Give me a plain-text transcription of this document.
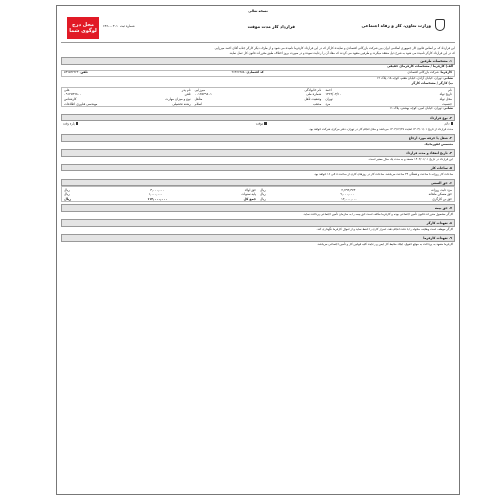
نسخه تعالی
وزارت تعاون، کار و رفاه اجتماعی
قرارداد کار مدت موقت
شماره ثبت۰۰۳۰۱-۶۴۶
محل درج
لوگوی شما
این قرارداد که بر اساس قانون کار جمهوری اسلامی ایران بین شرکت بازرگانی اقتصادی و نماینده کارگر که در این قرارداد کارفرما نامیده می شود و از طرف دیگر کارگر جناب آقای احمد میرزایی
که در این قرارداد کارگر نامیده می شود به شرح ذیل منعقد میگردد و طرفین متعهد می گردند که مفاد آن را رعایت نموده و در صورت بروز اختلاف طبق مقررات قانون کار عمل نمایند
۱. مشخصات طرفین
الف) کارفرما / مشخصات کارفرمای حقیقی
کارفرما: شرکت بازرگانی اقتصادی
کد اقتصادی: ۲۶۴۶۶۳۸۸
تلفن: ۵۴۹۵۴۲۲۲۴
نشانی: تهران، خیابان آزادی، خیابان هفتم، کوچه ۱۸، پلاک ۱۲
ب) کارگر / مشخصات کارگر
نام
احمد
تاریخ تولد
۱۳۶۴/۰۳/۱۰
محل تولد
تهران
جنسیت
مرد
نام خانوادگی
میرزایی
شماره ملی
۰۰۱۲۵۴۹۸۰۱
وضعیت تأهل
متأهل
مذهب
اسلام
نام پدر
علی
تلفن
۰۹۱۲۵۴۹۸۰۰
نوع و میزان مهارت
کارشناس
رشته تحصیلی
مهندسی فناوری اطلاعات
نشانی: تهران، خیابان امین، کوچه بهشتی، پلاک ۱۱
۲. نوع قرارداد
دائم
موقت
پاره وقت
مدت قرارداد از تاریخ ۱۴۰۳/۰۱/۰۱ لغایت ۱۴۰۳/۱۲/۲۹ می‌باشد و محل انجام کار در تهران، دفتر مرکزی شرکت خواهد بود.
۳. شغل یا حرفه مورد ارجاع
متخصص انفورماتیک
۴. تاریخ انعقاد و مدت قرارداد
این قرارداد در تاریخ ۱۴۰۳/۰۱/۰۱ منعقد و به مدت یک سال معتبر است.
۵. ساعات کار
ساعات کار روزانه ۸ ساعت و هفتگی ۴۴ ساعت می‌باشد. ساعات کار در روزهای کاری از ساعت ۸ الی ۱۶ خواهد بود.
۶. حق السعی
مزد ثابت روزانه
۲,۷۹۳,۳۷۴
ریال
حق مسکن ماهانه
۹,۰۰۰,۰۰۰
ریال
حق بن کارگری
۱۴,۰۰۰,۰۰۰
ریال
حق اولاد
۳,۰۰۰,۰۰۰
ریال
پایه سنوات
۱,۰۰۰,۰۰۰
ریال
جمع کل
۱۱۲,۰۰۰,۰۰۰
ریال
۷. حق بیمه
کارگر مشمول مقررات قانون تأمین اجتماعی بوده و کارفرما مکلف است حق بیمه را به سازمان تأمین اجتماعی پرداخت نماید.
۸. تعهدات کارگر
کارگر موظف است وظایف محوله را با دقت انجام دهد، اسرار کاری را حفظ نماید و از اموال کارفرما نگهداری کند.
۹. تعهدات کارفرما
کارفرما متعهد به پرداخت به موقع حقوق، ایجاد محیط کار ایمن و رعایت کلیه قوانین کار و تأمین اجتماعی می‌باشد.
